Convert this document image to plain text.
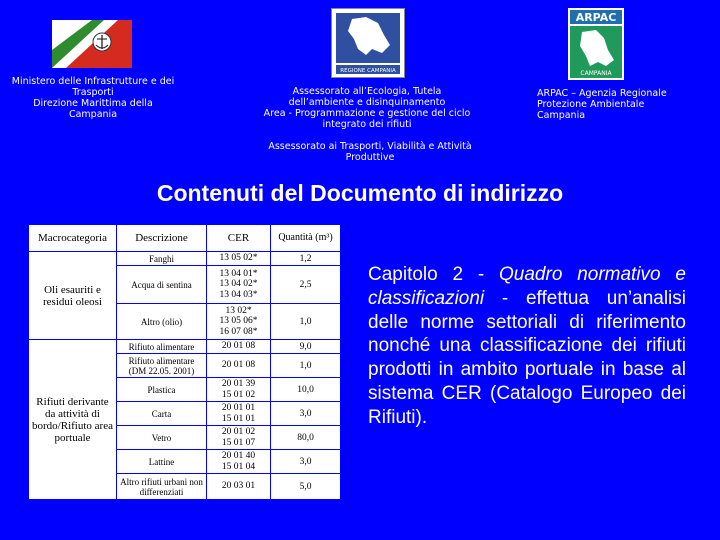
Ministero delle Infrastrutture e dei
Trasporti
Direzione Marittima della
Campania
REGIONE CAMPANIA
Assessorato all’Ecologia, Tutela
dell’ambiente e disinquinamento
Area - Programmazione e gestione del ciclo
integrato dei rifiuti
ARPAC
CAMPANIA
ARPAC – Agenzia Regionale
Protezione Ambientale
Campania
Assessorato ai Trasporti, Viabilità e Attività
Produttive
Contenuti del Documento di indirizzo
Macrocategoria	Descrizione	CER	Quantità (m³)
Oli esauriti e residui oleosi	Fanghi	13 05 02*	1,2
	Acqua di sentina	13 04 01*
13 04 02*
13 04 03*	2,5
	Altro (olio)	13 02*
13 05 06*
16 07 08*	1,0
Rifiuti derivante da attività di bordo/Rifiuto area portuale	Rifiuto alimentare	20 01 08	9,0
	Rifiuto alimentare (DM 22.05. 2001)	20 01 08	1,0
	Plastica	20 01 39
15 01 02	10,0
	Carta	20 01 01
15 01 01	3,0
	Vetro	20 01 02
15 01 07	80,0
	Lattine	20 01 40
15 01 04	3,0
	Altro rifiuti urbani non differenziati	20 03 01	5,0
Capitolo 2 - Quadro normativo e classificazioni - effettua un’analisi delle norme settoriali di riferimento nonché una classificazione dei rifiuti prodotti in ambito portuale in base al sistema CER (Catalogo Europeo dei Rifiuti).
